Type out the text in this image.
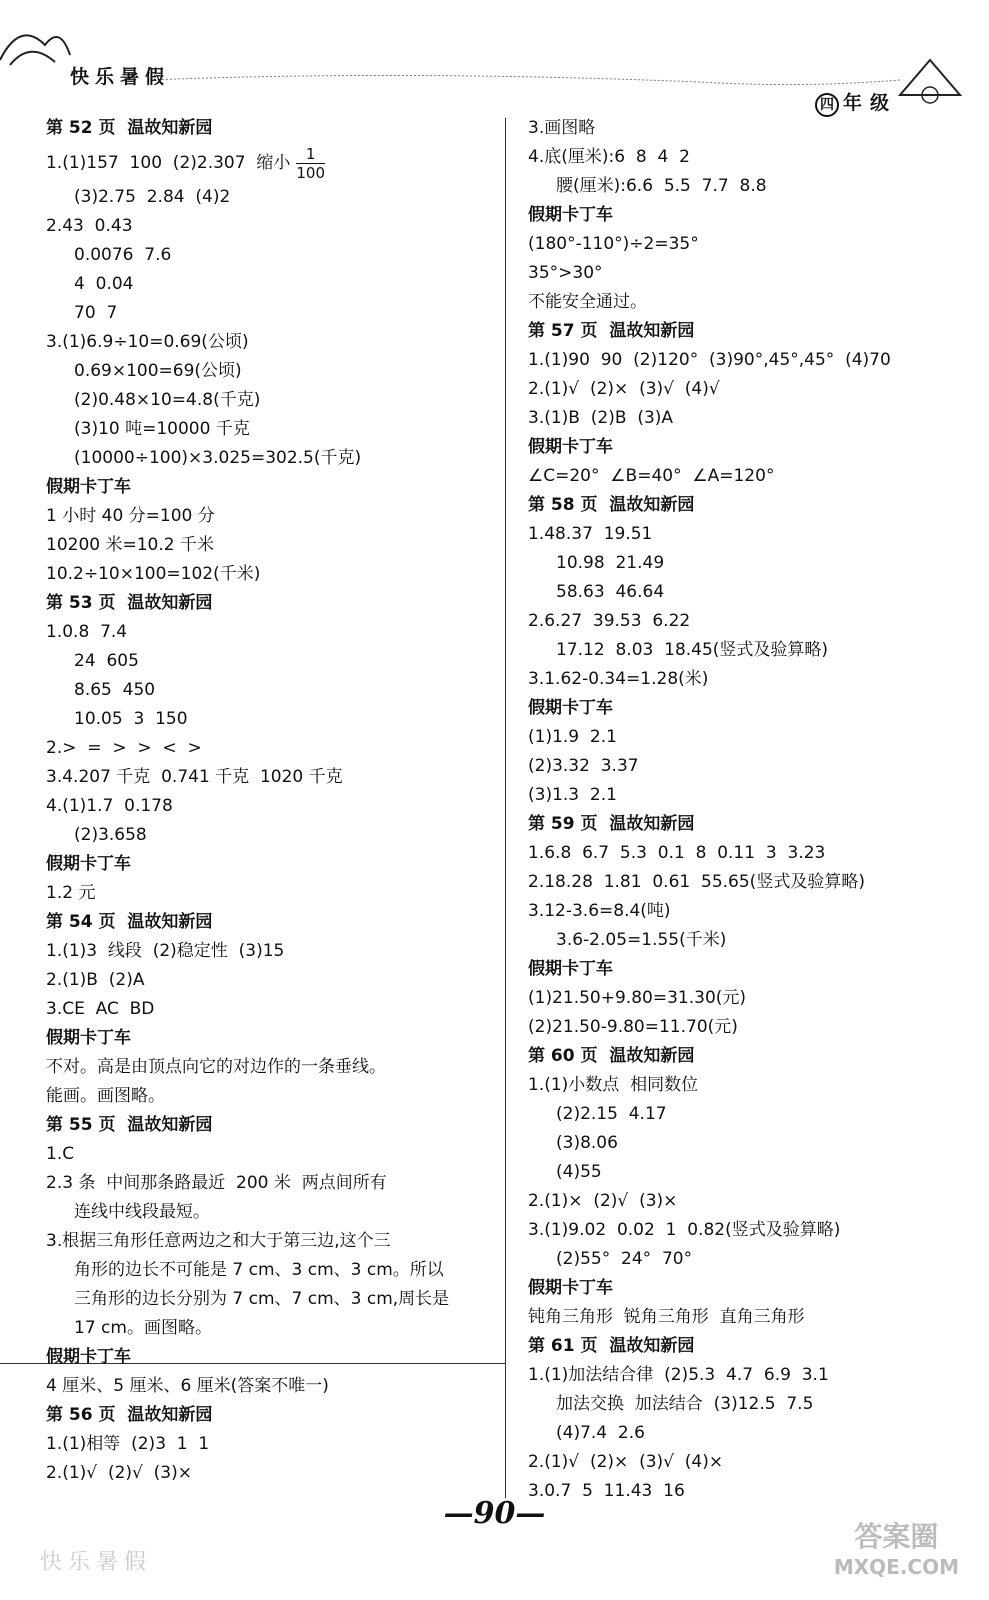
快乐暑假
四 年级
第 52 页  温故知新园
1.(1)157  100  (2)2.307  缩小 $\frac{1}{100}$
(3)2.75  2.84  (4)2
2.43  0.43
0.0076  7.6
4  0.04
70  7
3.(1)6.9÷10=0.69(公顷)
0.69×100=69(公顷)
(2)0.48×10=4.8(千克)
(3)10 吨=10000 千克
(10000÷100)×3.025=302.5(千克)
假期卡丁车
1 小时 40 分=100 分
10200 米=10.2 千米
10.2÷10×100=102(千米)
第 53 页  温故知新园
1.0.8  7.4
24  605
8.65  450
10.05  3  150
2.>  =  >  >  <  >
3.4.207 千克  0.741 千克  1020 千克
4.(1)1.7  0.178
(2)3.658
假期卡丁车
1.2 元
第 54 页  温故知新园
1.(1)3  线段  (2)稳定性  (3)15
2.(1)B  (2)A
3.CE  AC  BD
假期卡丁车
不对。高是由顶点向它的对边作的一条垂线。
能画。画图略。
第 55 页  温故知新园
1.C
2.3 条  中间那条路最近  200 米  两点间所有
连线中线段最短。
3.根据三角形任意两边之和大于第三边,这个三
角形的边长不可能是 7 cm、3 cm、3 cm。所以
三角形的边长分别为 7 cm、7 cm、3 cm,周长是
17 cm。画图略。
假期卡丁车
4 厘米、5 厘米、6 厘米(答案不唯一)
第 56 页  温故知新园
1.(1)相等  (2)3  1  1
2.(1)√  (2)√  (3)×
3.画图略
4.底(厘米):6  8  4  2
腰(厘米):6.6  5.5  7.7  8.8
假期卡丁车
(180°-110°)÷2=35°
35°>30°
不能安全通过。
第 57 页  温故知新园
1.(1)90  90  (2)120°  (3)90°,45°,45°  (4)70
2.(1)√  (2)×  (3)√  (4)√
3.(1)B  (2)B  (3)A
假期卡丁车
∠C=20°  ∠B=40°  ∠A=120°
第 58 页  温故知新园
1.48.37  19.51
10.98  21.49
58.63  46.64
2.6.27  39.53  6.22
17.12  8.03  18.45(竖式及验算略)
3.1.62-0.34=1.28(米)
假期卡丁车
(1)1.9  2.1
(2)3.32  3.37
(3)1.3  2.1
第 59 页  温故知新园
1.6.8  6.7  5.3  0.1  8  0.11  3  3.23
2.18.28  1.81  0.61  55.65(竖式及验算略)
3.12-3.6=8.4(吨)
3.6-2.05=1.55(千米)
假期卡丁车
(1)21.50+9.80=31.30(元)
(2)21.50-9.80=11.70(元)
第 60 页  温故知新园
1.(1)小数点  相同数位
(2)2.15  4.17
(3)8.06
(4)55
2.(1)×  (2)√  (3)×
3.(1)9.02  0.02  1  0.82(竖式及验算略)
(2)55°  24°  70°
假期卡丁车
钝角三角形  锐角三角形  直角三角形
第 61 页  温故知新园
1.(1)加法结合律  (2)5.3  4.7  6.9  3.1
加法交换  加法结合  (3)12.5  7.5
(4)7.4  2.6
2.(1)√  (2)×  (3)√  (4)×
3.0.7  5  11.43  16
—90—
快乐暑假
答案圈
MXQE.COM
